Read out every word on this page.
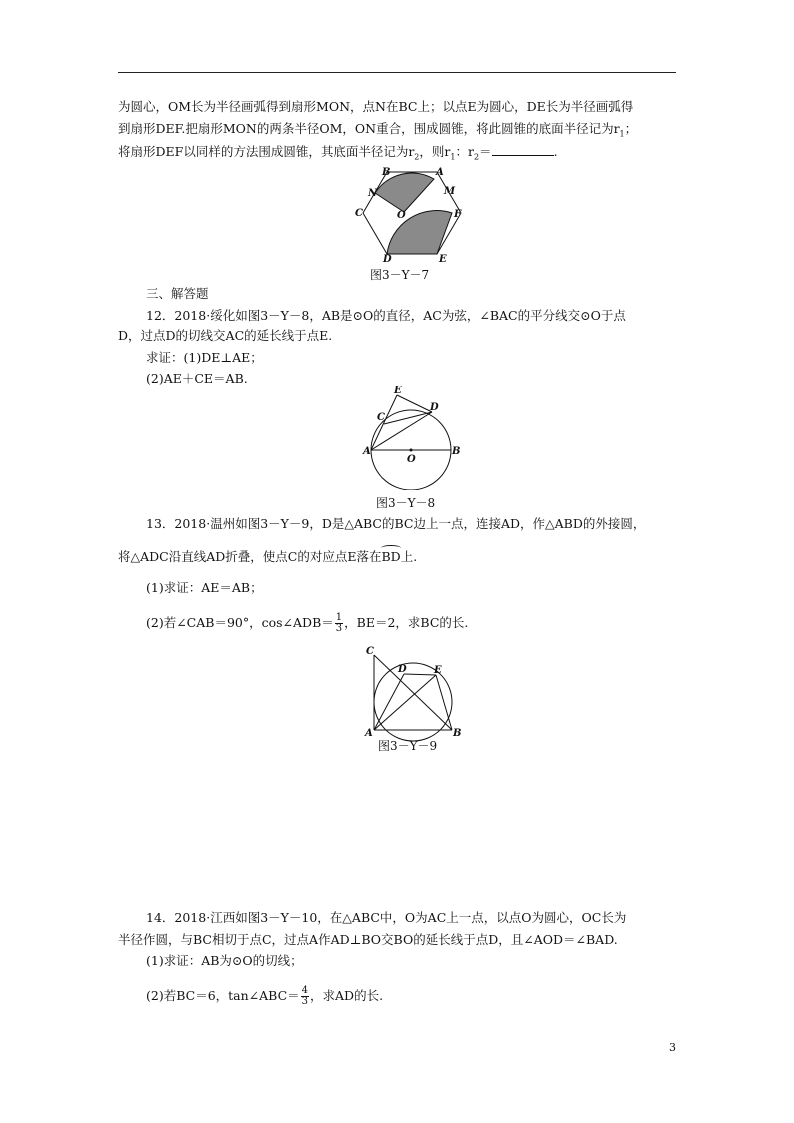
为圆心，OM长为半径画弧得到扇形MON，点N在BC上；以点E为圆心，DE长为半径画弧得
到扇形DEF.把扇形MON的两条半径OM，ON重合，围成圆锥，将此圆锥的底面半径记为$r_1$；
将扇形DEF以同样的方法围成圆锥，其底面半径记为$r_2$，则$r_1$：$r_2=$	.
B	A
N	M
C	O	F
D	E
图3－Y－7
三、解答题
12．2018·绥化如图3－Y－8，AB是⊙O的直径，AC为弦，∠BAC的平分线交⊙O于点
D，过点D的切线交AC的延长线于点E.
求证：(1)DE⊥AE；
(2)AE＋CE＝AB.
E
C
D
A
O
B
图3－Y－8
13．2018·温州如图3－Y－9，D是△ABC的BC边上一点，连接AD，作△ABD的外接圆，
将△ADC沿直线AD折叠，使点C的对应点E落在
BD上.
(1)求证：AE＝AB；
(2)若∠CAB＝90°，cos∠ADB＝ $\frac{1}{3}$ ，BE＝2，求BC的长.
C
D	E
A	B
图3－Y－9
14．2018·江西如图3－Y－10，在△ABC中，O为AC上一点，以点O为圆心，OC长为
半径作圆，与BC相切于点C，过点A作AD⊥BO交BO的延长线于点D，且∠AOD＝∠BAD.
(1)求证：AB为⊙O的切线；
(2)若BC＝6，tan∠ABC＝ $\frac{4}{3}$ ，求AD的长.
3
